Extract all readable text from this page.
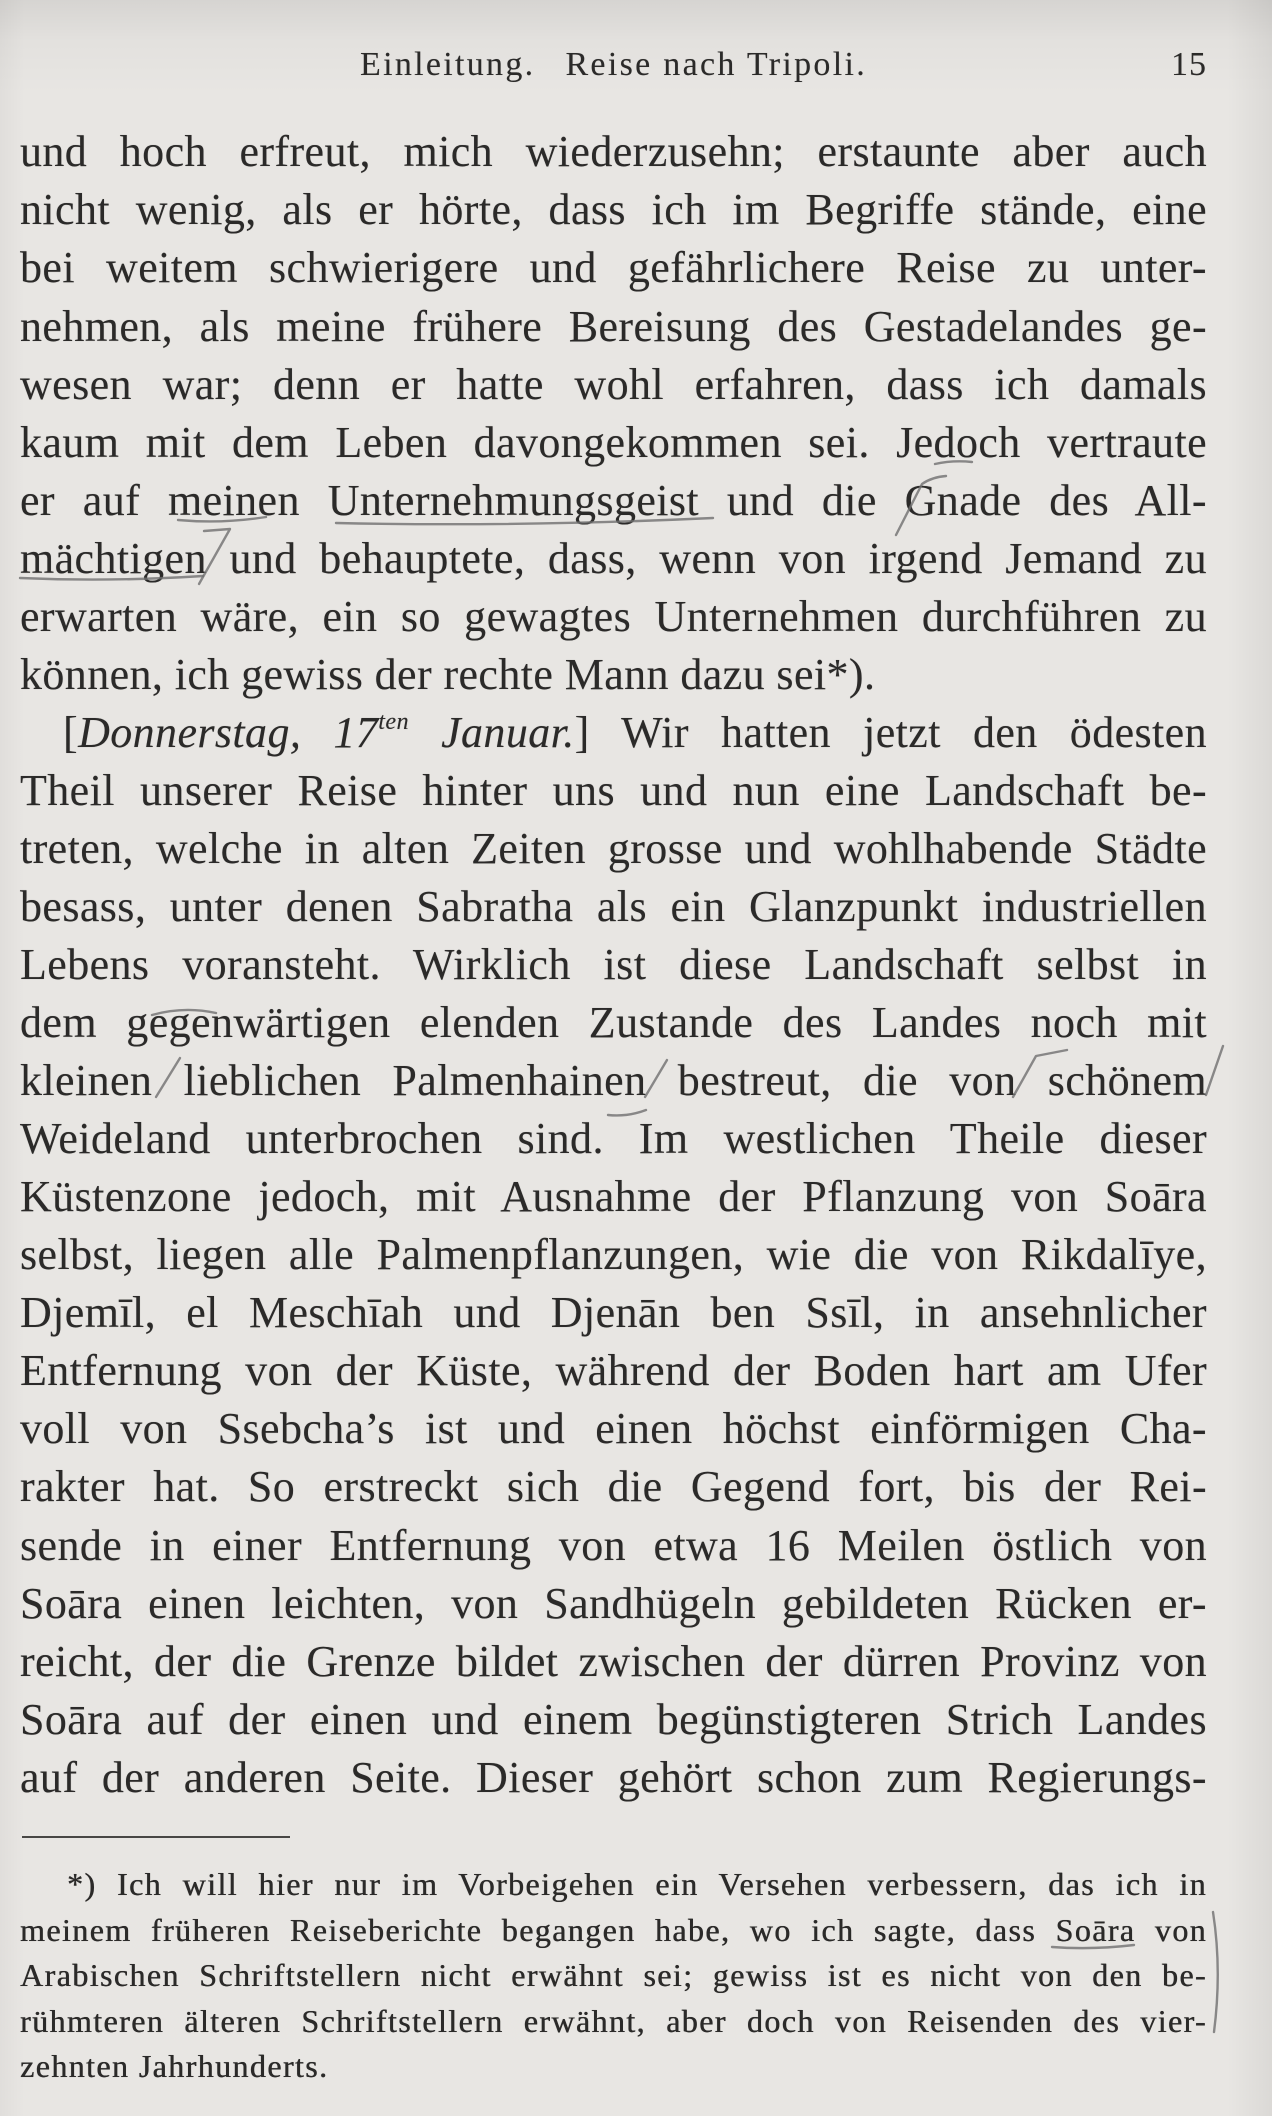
Einleitung. Reise nach Tripoli.	15
und hoch erfreut, mich wiederzusehn; erstaunte aber auch
nicht wenig, als er hörte, dass ich im Begriffe stände, eine
bei weitem schwierigere und gefährlichere Reise zu unter-
nehmen, als meine frühere Bereisung des Gestadelandes ge-
wesen war; denn er hatte wohl erfahren, dass ich damals
kaum mit dem Leben davongekommen sei. Jedoch vertraute
er auf meinen Unternehmungsgeist und die Gnade des All-
mächtigen und behauptete, dass, wenn von irgend Jemand zu
erwarten wäre, ein so gewagtes Unternehmen durchführen zu
können, ich gewiss der rechte Mann dazu sei*).
[Donnerstag, $17^{ten}$ Januar.] Wir hatten jetzt den ödesten
Theil unserer Reise hinter uns und nun eine Landschaft be-
treten, welche in alten Zeiten grosse und wohlhabende Städte
besass, unter denen Sabratha als ein Glanzpunkt industriellen
Lebens voransteht. Wirklich ist diese Landschaft selbst in
dem gegenwärtigen elenden Zustande des Landes noch mit
kleinen lieblichen Palmenhainen bestreut, die von schönem
Weideland unterbrochen sind. Im westlichen Theile dieser
Küstenzone jedoch, mit Ausnahme der Pflanzung von Soāra
selbst, liegen alle Palmenpflanzungen, wie die von Rikdalīye,
Djemīl, el Meschīah und Djenān ben Ssīl, in ansehnlicher
Entfernung von der Küste, während der Boden hart am Ufer
voll von Ssebcha’s ist und einen höchst einförmigen Cha-
rakter hat. So erstreckt sich die Gegend fort, bis der Rei-
sende in einer Entfernung von etwa 16 Meilen östlich von
Soāra einen leichten, von Sandhügeln gebildeten Rücken er-
reicht, der die Grenze bildet zwischen der dürren Provinz von
Soāra auf der einen und einem begünstigteren Strich Landes
auf der anderen Seite. Dieser gehört schon zum Regierungs-
*) Ich will hier nur im Vorbeigehen ein Versehen verbessern, das ich in
meinem früheren Reiseberichte begangen habe, wo ich sagte, dass Soāra von
Arabischen Schriftstellern nicht erwähnt sei; gewiss ist es nicht von den be-
rühmteren älteren Schriftstellern erwähnt, aber doch von Reisenden des vier-
zehnten Jahrhunderts.
